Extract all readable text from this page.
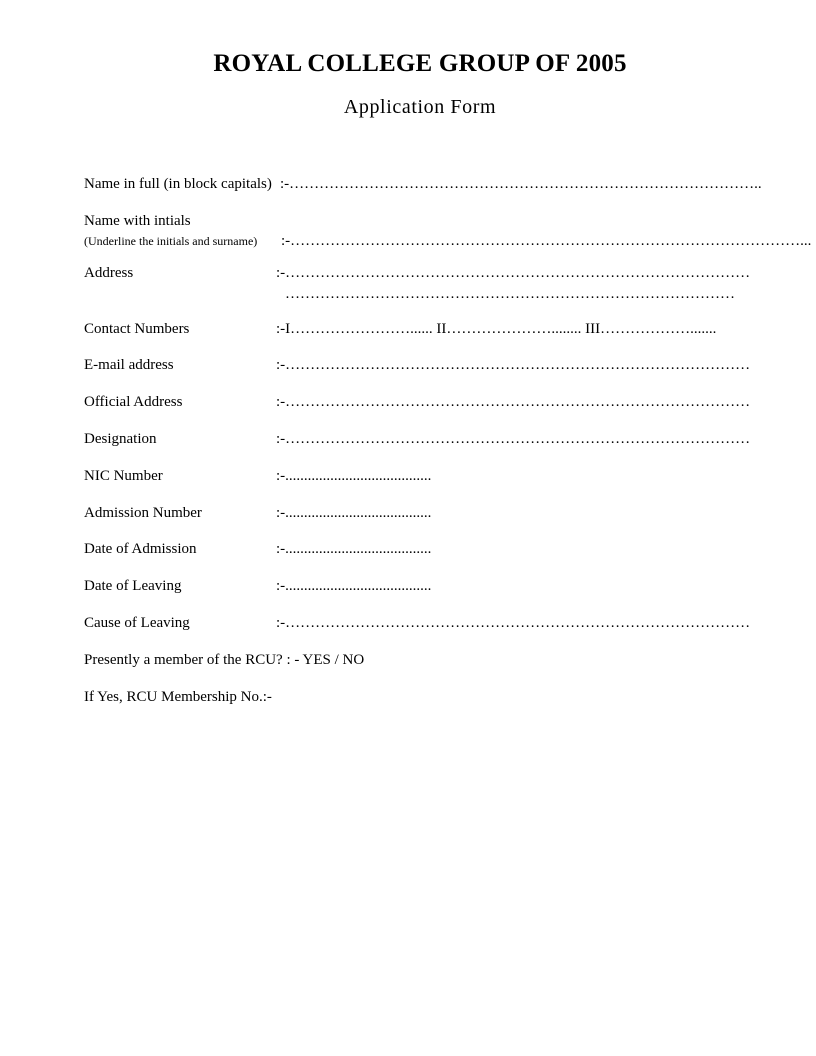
ROYAL COLLEGE GROUP OF 2005
Application Form
Name in full (in block capitals) :-…………………………………………………………………………………..
Name with intials
(Underline the initials and surname) :-…………………………………………………………………………………………...
Address	:-…………………………………………………………………………………
………………………………………………………………………………
Contact Numbers	:-I……………………...... II…………………........ III……………….......
E-mail address	:-…………………………………………………………………………………
Official Address	:-…………………………………………………………………………………
Designation	:-…………………………………………………………………………………
NIC Number	:-.......................................
Admission Number	:-.......................................
Date of Admission	:-.......................................
Date of Leaving	:-.......................................
Cause of Leaving	:-…………………………………………………………………………………
Presently a member of the RCU? : - YES / NO
If Yes, RCU Membership No.:-
